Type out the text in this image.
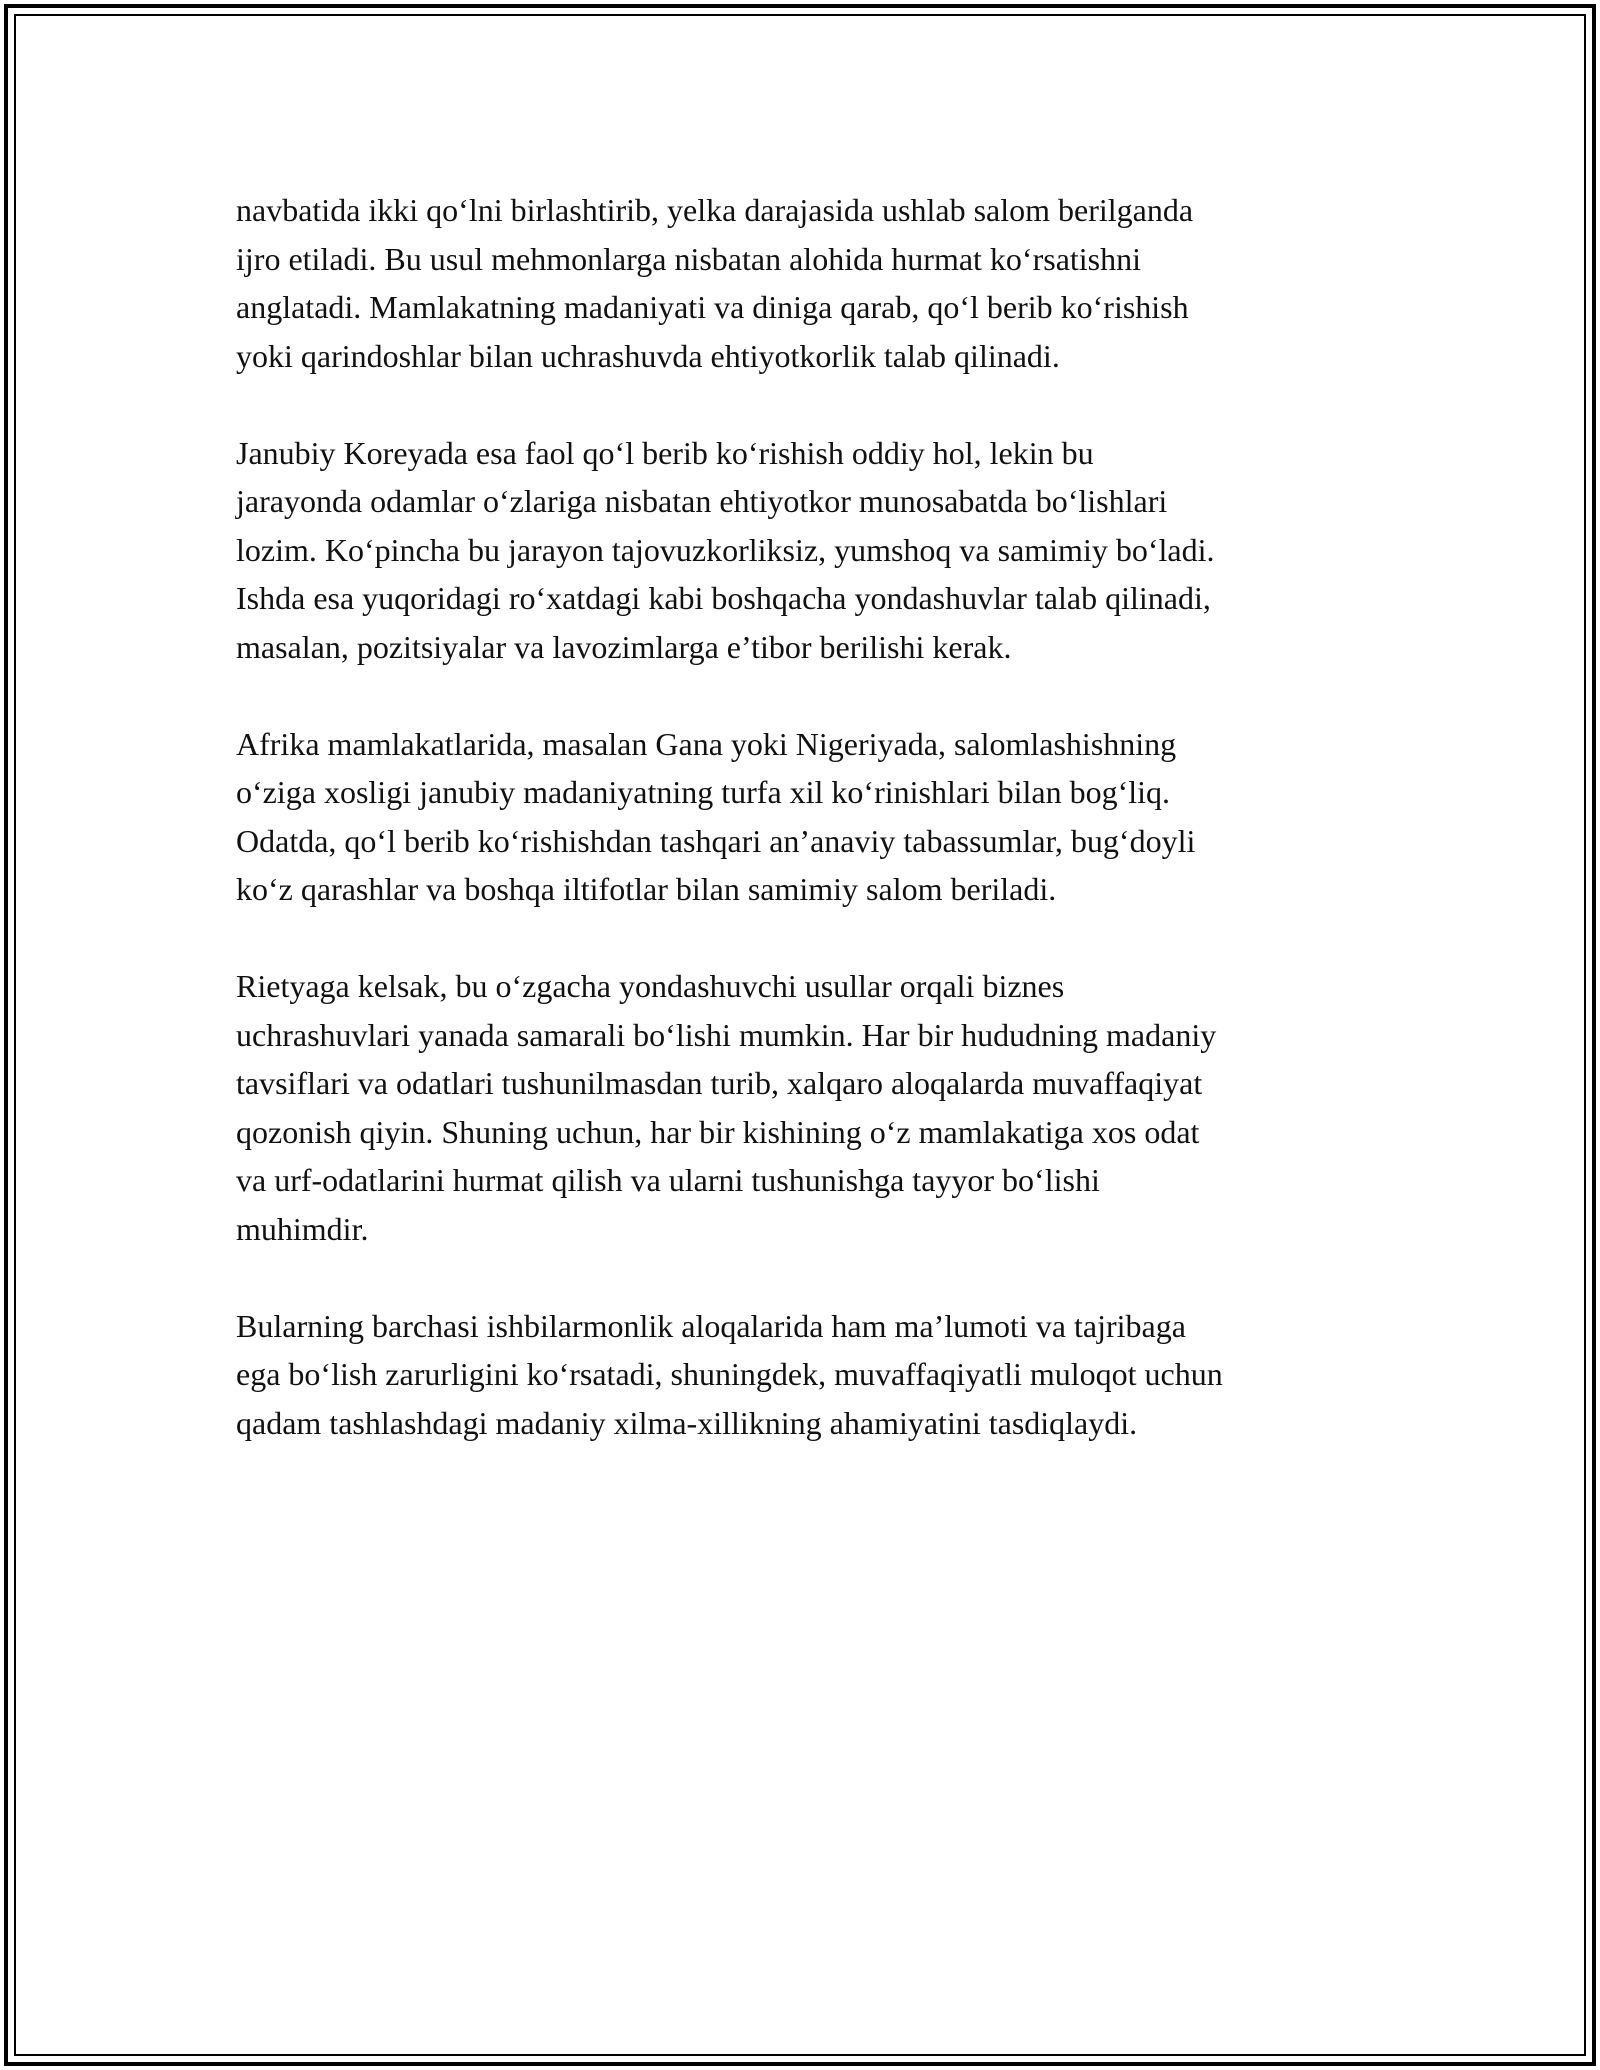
navbatida ikki qo‘lni birlashtirib, yelka darajasida ushlab salom berilganda
ijro etiladi. Bu usul mehmonlarga nisbatan alohida hurmat ko‘rsatishni
anglatadi. Mamlakatning madaniyati va diniga qarab, qo‘l berib ko‘rishish
yoki qarindoshlar bilan uchrashuvda ehtiyotkorlik talab qilinadi.

Janubiy Koreyada esa faol qo‘l berib ko‘rishish oddiy hol, lekin bu
jarayonda odamlar o‘zlariga nisbatan ehtiyotkor munosabatda bo‘lishlari
lozim. Ko‘pincha bu jarayon tajovuzkorliksiz, yumshoq va samimiy bo‘ladi.
Ishda esa yuqoridagi ro‘xatdagi kabi boshqacha yondashuvlar talab qilinadi,
masalan, pozitsiyalar va lavozimlarga e’tibor berilishi kerak.

Afrika mamlakatlarida, masalan Gana yoki Nigeriyada, salomlashishning
o‘ziga xosligi janubiy madaniyatning turfa xil ko‘rinishlari bilan bog‘liq.
Odatda, qo‘l berib ko‘rishishdan tashqari an’anaviy tabassumlar, bug‘doyli
ko‘z qarashlar va boshqa iltifotlar bilan samimiy salom beriladi.

Rietyaga kelsak, bu o‘zgacha yondashuvchi usullar orqali biznes
uchrashuvlari yanada samarali bo‘lishi mumkin. Har bir hududning madaniy
tavsiflari va odatlari tushunilmasdan turib, xalqaro aloqalarda muvaffaqiyat
qozonish qiyin. Shuning uchun, har bir kishining o‘z mamlakatiga xos odat
va urf-odatlarini hurmat qilish va ularni tushunishga tayyor bo‘lishi
muhimdir.

Bularning barchasi ishbilarmonlik aloqalarida ham ma’lumoti va tajribaga
ega bo‘lish zarurligini ko‘rsatadi, shuningdek, muvaffaqiyatli muloqot uchun
qadam tashlashdagi madaniy xilma-xillikning ahamiyatini tasdiqlaydi.
